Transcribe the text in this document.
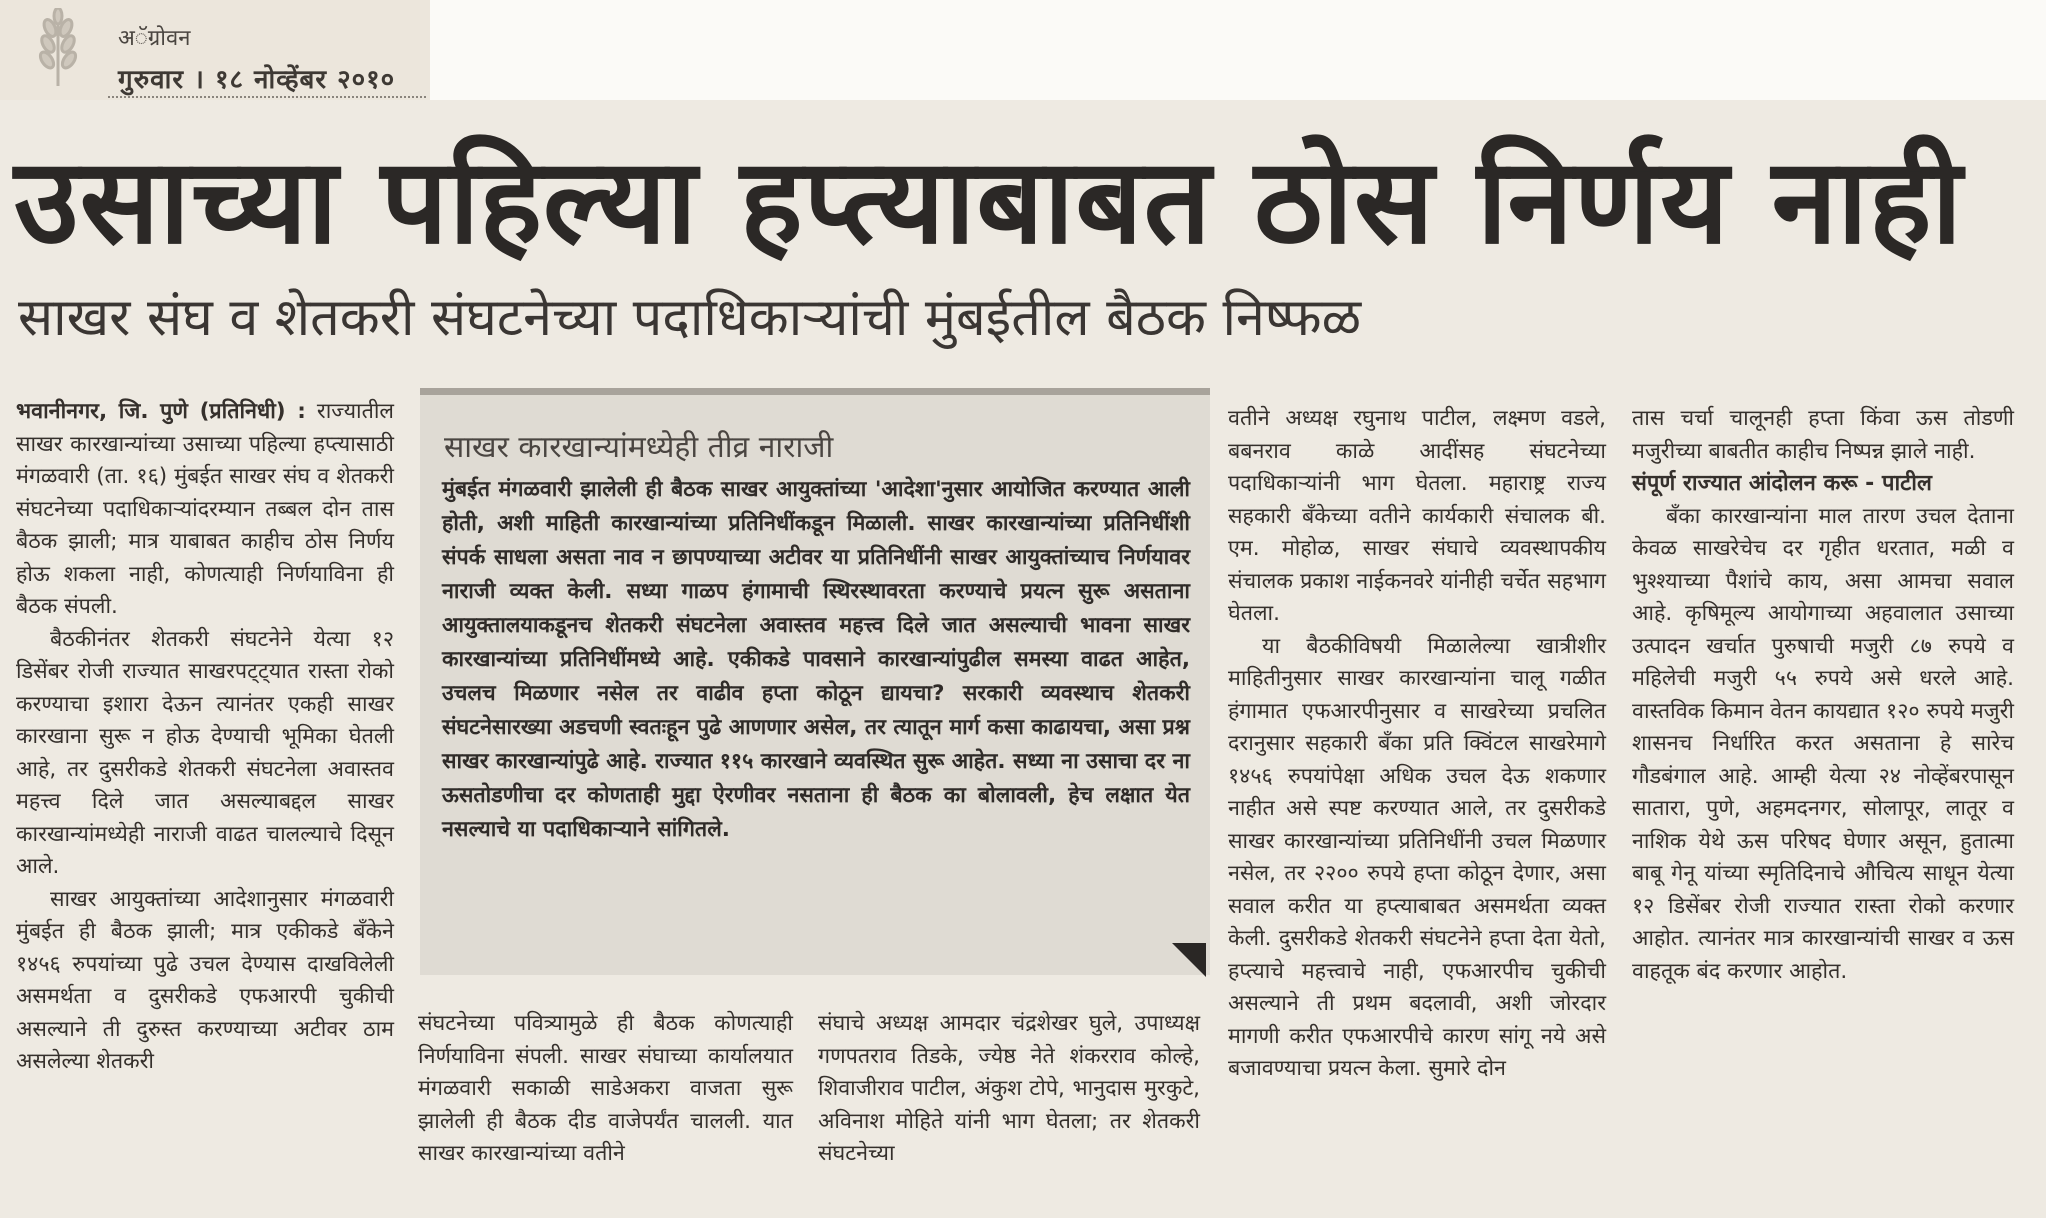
अॅग्रोवन
गुरुवार । १८ नोव्हेंबर २०१०
उसाच्या पहिल्या हप्त्याबाबत ठोस निर्णय नाही
साखर संघ व शेतकरी संघटनेच्या पदाधिकाऱ्यांची मुंबईतील बैठक निष्फळ

भवानीनगर, जि. पुणे (प्रतिनिधी) : राज्यातील साखर कारखान्यांच्या उसाच्या पहिल्या हप्त्यासाठी मंगळवारी (ता. १६) मुंबईत साखर संघ व शेतकरी संघटनेच्या पदाधिकाऱ्यांदरम्यान तब्बल दोन तास बैठक झाली; मात्र याबाबत काहीच ठोस निर्णय होऊ शकला नाही, कोणत्याही निर्णयाविना ही बैठक संपली.

बैठकीनंतर शेतकरी संघटनेने येत्या १२ डिसेंबर रोजी राज्यात साखरपट्ट्यात रास्ता रोको करण्याचा इशारा देऊन त्यानंतर एकही साखर कारखाना सुरू न होऊ देण्याची भूमिका घेतली आहे, तर दुसरीकडे शेतकरी संघटनेला अवास्तव महत्त्व दिले जात असल्याबद्दल साखर कारखान्यांमध्येही नाराजी वाढत चालल्याचे दिसून आले.

साखर आयुक्तांच्या आदेशानुसार मंगळवारी मुंबईत ही बैठक झाली; मात्र एकीकडे बँकेने १४५६ रुपयांच्या पुढे उचल देण्यास दाखविलेली असमर्थता व दुसरीकडे एफआरपी चुकीची असल्याने ती दुरुस्त करण्याच्या अटीवर ठाम असलेल्या शेतकरी

साखर कारखान्यांमध्येही तीव्र नाराजी
मुंबईत मंगळवारी झालेली ही बैठक साखर आयुक्तांच्या 'आदेशा'नुसार आयोजित करण्यात आली होती, अशी माहिती कारखान्यांच्या प्रतिनिधींकडून मिळाली. साखर कारखान्यांच्या प्रतिनिधींशी संपर्क साधला असता नाव न छापण्याच्या अटीवर या प्रतिनिधींनी साखर आयुक्तांच्याच निर्णयावर नाराजी व्यक्त केली. सध्या गाळप हंगामाची स्थिरस्थावरता करण्याचे प्रयत्न सुरू असताना आयुक्तालयाकडूनच शेतकरी संघटनेला अवास्तव महत्त्व दिले जात असल्याची भावना साखर कारखान्यांच्या प्रतिनिधींमध्ये आहे. एकीकडे पावसाने कारखान्यांपुढील समस्या वाढत आहेत, उचलच मिळणार नसेल तर वाढीव हप्ता कोठून द्यायचा? सरकारी व्यवस्थाच शेतकरी संघटनेसारख्या अडचणी स्वतःहून पुढे आणणार असेल, तर त्यातून मार्ग कसा काढायचा, असा प्रश्न साखर कारखान्यांपुढे आहे. राज्यात ११५ कारखाने व्यवस्थित सुरू आहेत. सध्या ना उसाचा दर ना ऊसतोडणीचा दर कोणताही मुद्दा ऐरणीवर नसताना ही बैठक का बोलावली, हेच लक्षात येत नसल्याचे या पदाधिकाऱ्याने सांगितले.

संघटनेच्या पवित्र्यामुळे ही बैठक कोणत्याही निर्णयाविना संपली. साखर संघाच्या कार्यालयात मंगळवारी सकाळी साडेअकरा वाजता सुरू झालेली ही बैठक दीड वाजेपर्यंत चालली. यात साखर कारखान्यांच्या वतीने

संघाचे अध्यक्ष आमदार चंद्रशेखर घुले, उपाध्यक्ष गणपतराव तिडके, ज्येष्ठ नेते शंकरराव कोल्हे, शिवाजीराव पाटील, अंकुश टोपे, भानुदास मुरकुटे, अविनाश मोहिते यांनी भाग घेतला; तर शेतकरी संघटनेच्या

वतीने अध्यक्ष रघुनाथ पाटील, लक्ष्मण वडले, बबनराव काळे आदींसह संघटनेच्या पदाधिकाऱ्यांनी भाग घेतला. महाराष्ट्र राज्य सहकारी बँकेच्या वतीने कार्यकारी संचालक बी. एम. मोहोळ, साखर संघाचे व्यवस्थापकीय संचालक प्रकाश नाईकनवरे यांनीही चर्चेत सहभाग घेतला.

या बैठकीविषयी मिळालेल्या खात्रीशीर माहितीनुसार साखर कारखान्यांना चालू गळीत हंगामात एफआरपीनुसार व साखरेच्या प्रचलित दरानुसार सहकारी बँका प्रति क्विंटल साखरेमागे १४५६ रुपयांपेक्षा अधिक उचल देऊ शकणार नाहीत असे स्पष्ट करण्यात आले, तर दुसरीकडे साखर कारखान्यांच्या प्रतिनिधींनी उचल मिळणार नसेल, तर २२०० रुपये हप्ता कोठून देणार, असा सवाल करीत या हप्त्याबाबत असमर्थता व्यक्त केली. दुसरीकडे शेतकरी संघटनेने हप्ता देता येतो, हप्त्याचे महत्त्वाचे नाही, एफआरपीच चुकीची असल्याने ती प्रथम बदलावी, अशी जोरदार मागणी करीत एफआरपीचे कारण सांगू नये असे बजावण्याचा प्रयत्न केला. सुमारे दोन

तास चर्चा चालूनही हप्ता किंवा ऊस तोडणी मजुरीच्या बाबतीत काहीच निष्पन्न झाले नाही.

संपूर्ण राज्यात आंदोलन करू - पाटील

बँका कारखान्यांना माल तारण उचल देताना केवळ साखरेचेच दर गृहीत धरतात, मळी व भुश्श्याच्या पैशांचे काय, असा आमचा सवाल आहे. कृषिमूल्य आयोगाच्या अहवालात उसाच्या उत्पादन खर्चात पुरुषाची मजुरी ८७ रुपये व महिलेची मजुरी ५५ रुपये असे धरले आहे. वास्तविक किमान वेतन कायद्यात १२० रुपये मजुरी शासनच निर्धारित करत असताना हे सारेच गौडबंगाल आहे. आम्ही येत्या २४ नोव्हेंबरपासून सातारा, पुणे, अहमदनगर, सोलापूर, लातूर व नाशिक येथे ऊस परिषद घेणार असून, हुतात्मा बाबू गेनू यांच्या स्मृतिदिनाचे औचित्य साधून येत्या १२ डिसेंबर रोजी राज्यात रास्ता रोको करणार आहोत. त्यानंतर मात्र कारखान्यांची साखर व ऊस वाहतूक बंद करणार आहोत.
